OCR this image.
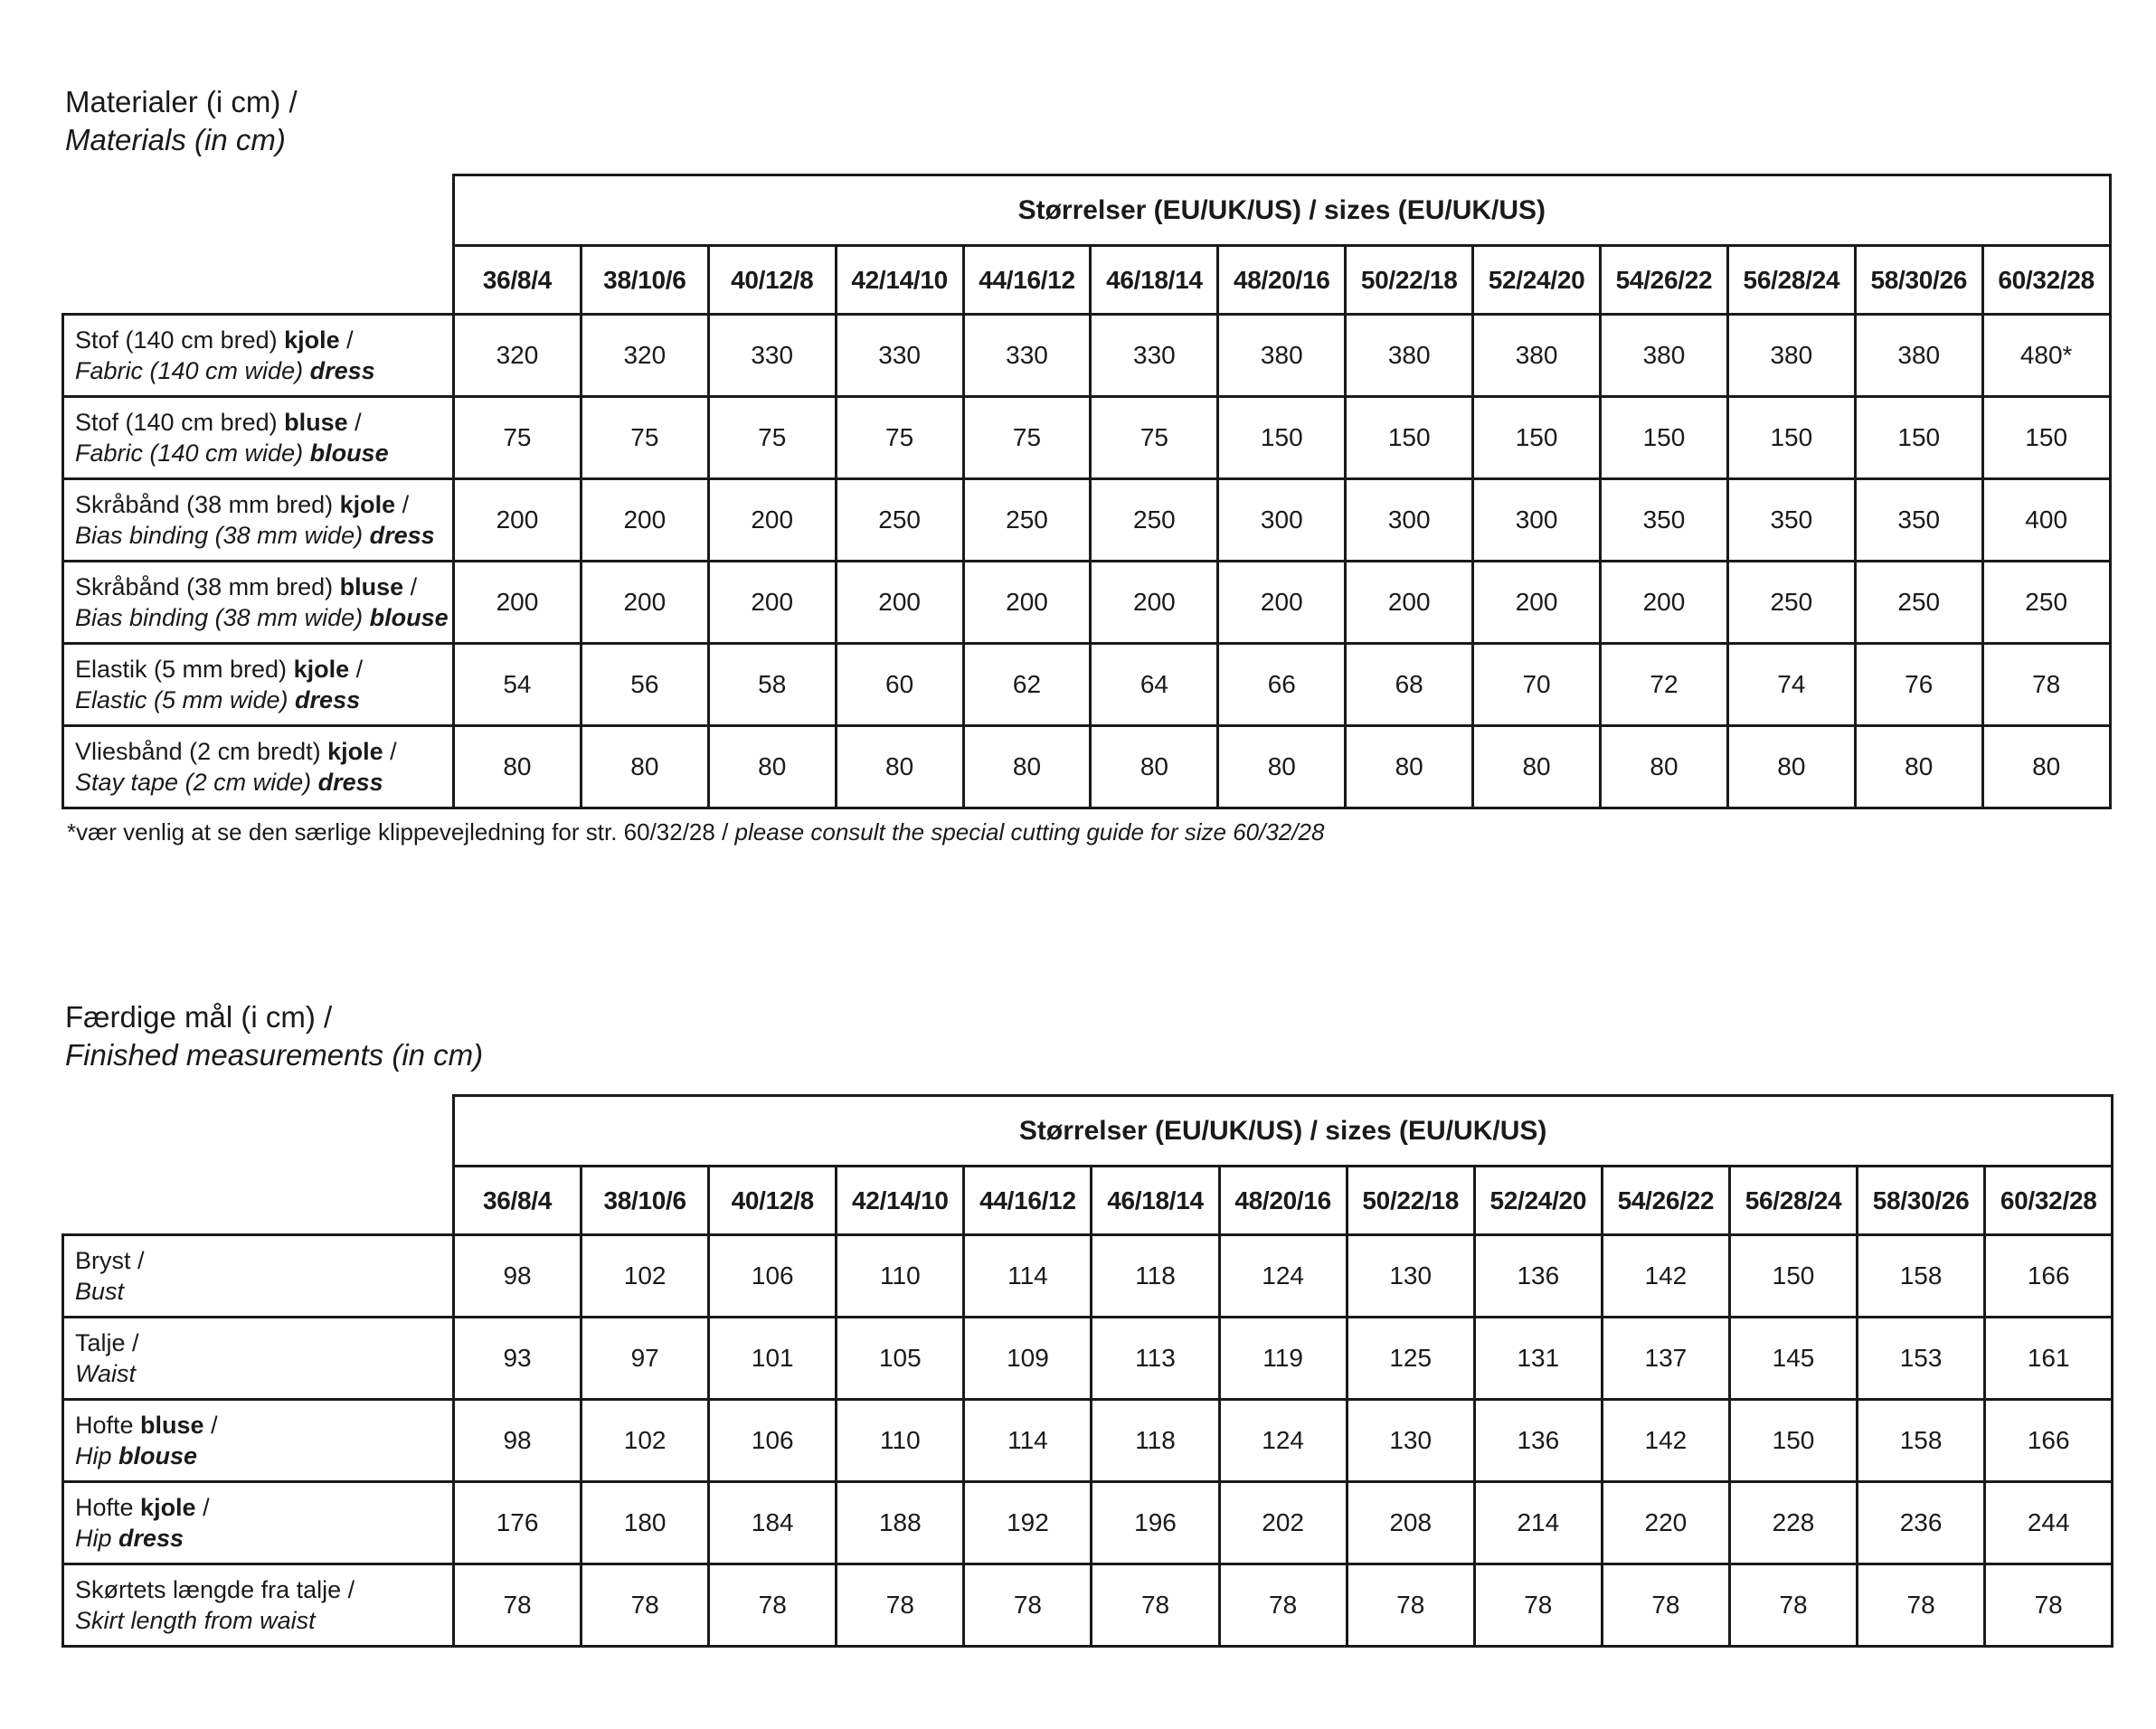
Materialer (i cm) /
Materials (in cm)
	Størrelser (EU/UK/US) / sizes (EU/UK/US)												
	36/8/4	38/10/6	40/12/8	42/14/10	44/16/12	46/18/14	48/20/16	50/22/18	52/24/20	54/26/22	56/28/24	58/30/26	60/32/28

Stof (140 cm bred) kjole /
Fabric (140 cm wide) dress	320	320	330	330	330	330	380	380	380	380	380	380	480*

Stof (140 cm bred) bluse /
Fabric (140 cm wide) blouse	75	75	75	75	75	75	150	150	150	150	150	150	150

Skråbånd (38 mm bred) kjole /
Bias binding (38 mm wide) dress	200	200	200	250	250	250	300	300	300	350	350	350	400

Skråbånd (38 mm bred) bluse /
Bias binding (38 mm wide) blouse	200	200	200	200	200	200	200	200	200	200	250	250	250

Elastik (5 mm bred) kjole /
Elastic (5 mm wide) dress	54	56	58	60	62	64	66	68	70	72	74	76	78

Vliesbånd (2 cm bredt) kjole /
Stay tape (2 cm wide) dress	80	80	80	80	80	80	80	80	80	80	80	80	80
*vær venlig at se den særlige klippevejledning for str. 60/32/28 / please consult the special cutting guide for size 60/32/28
Færdige mål (i cm) /
Finished measurements (in cm)
	Størrelser (EU/UK/US) / sizes (EU/UK/US)												
	36/8/4	38/10/6	40/12/8	42/14/10	44/16/12	46/18/14	48/20/16	50/22/18	52/24/20	54/26/22	56/28/24	58/30/26	60/32/28

Bryst /
Bust	98	102	106	110	114	118	124	130	136	142	150	158	166

Talje /
Waist	93	97	101	105	109	113	119	125	131	137	145	153	161

Hofte bluse /
Hip blouse	98	102	106	110	114	118	124	130	136	142	150	158	166

Hofte kjole /
Hip dress	176	180	184	188	192	196	202	208	214	220	228	236	244

Skørtets længde fra talje /
Skirt length from waist	78	78	78	78	78	78	78	78	78	78	78	78	78
